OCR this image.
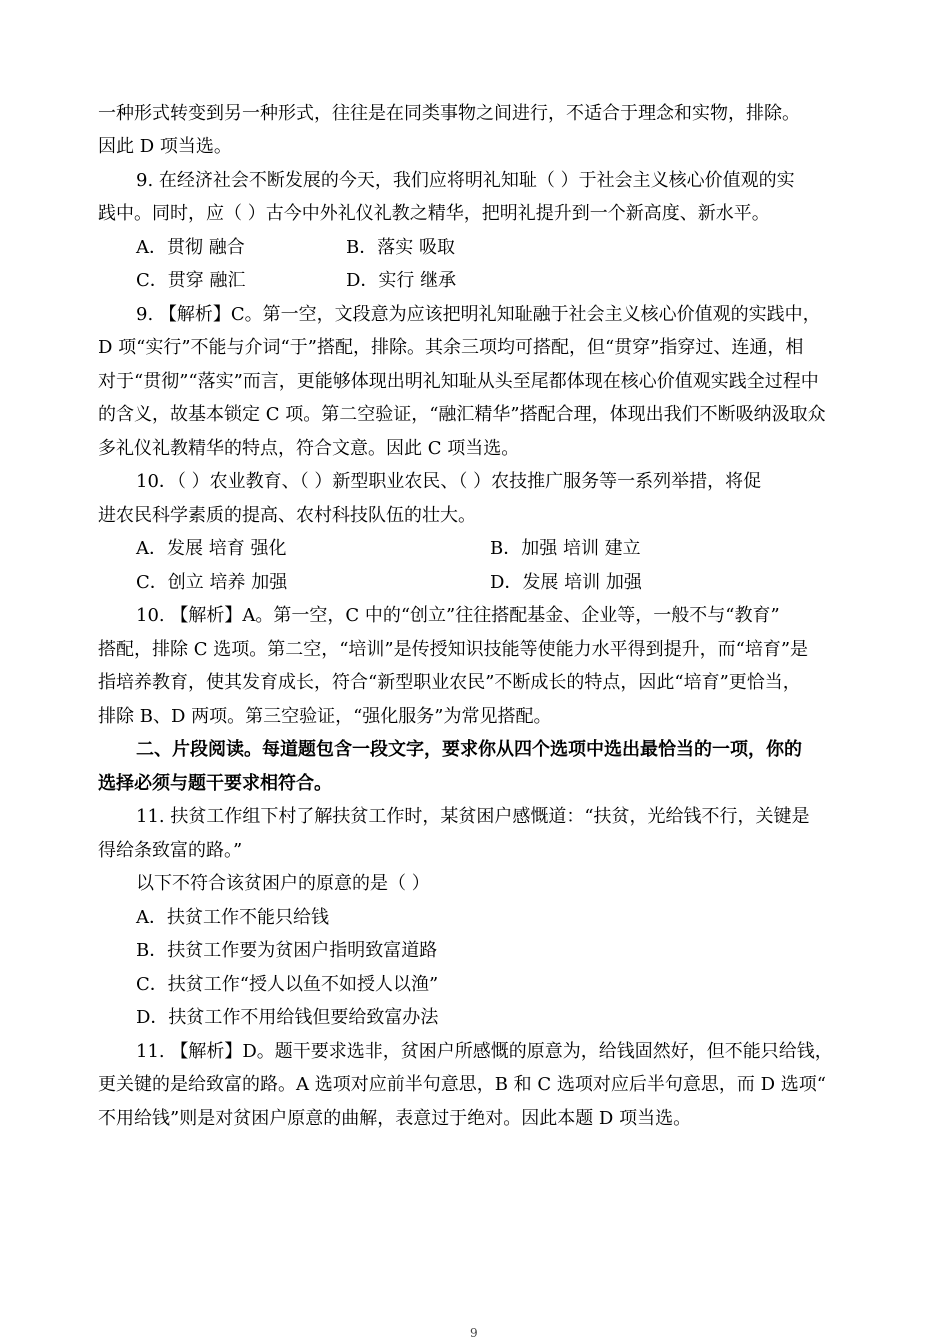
一种形式转变到另一种形式，往往是在同类事物之间进行，不适合于理念和实物，排除。
因此 D 项当选。
9. 在经济社会不断发展的今天，我们应将明礼知耻（ ）于社会主义核心价值观的实
践中。同时，应（ ）古今中外礼仪礼教之精华，把明礼提升到一个新高度、新水平。
A．贯彻 融合	B．落实 吸取
C．贯穿 融汇	D．实行 继承
9. 【解析】C。第一空，文段意为应该把明礼知耻融于社会主义核心价值观的实践中，
D 项“实行”不能与介词“于”搭配，排除。其余三项均可搭配，但“贯穿”指穿过、连通，相
对于“贯彻”“落实”而言，更能够体现出明礼知耻从头至尾都体现在核心价值观实践全过程中
的含义，故基本锁定 C 项。第二空验证，“融汇精华”搭配合理，体现出我们不断吸纳汲取众
多礼仪礼教精华的特点，符合文意。因此 C 项当选。
10．（ ）农业教育、（ ）新型职业农民、（ ）农技推广服务等一系列举措，将促
进农民科学素质的提高、农村科技队伍的壮大。
A．发展 培育 强化	B．加强 培训 建立
C．创立 培养 加强	D．发展 培训 加强
10. 【解析】A。第一空，C 中的“创立”往往搭配基金、企业等，一般不与“教育”
搭配，排除 C 选项。第二空，“培训”是传授知识技能等使能力水平得到提升，而“培育”是
指培养教育，使其发育成长，符合“新型职业农民”不断成长的特点，因此“培育”更恰当，
排除 B、D 两项。第三空验证，“强化服务”为常见搭配。
二、片段阅读。每道题包含一段文字，要求你从四个选项中选出最恰当的一项，你的
选择必须与题干要求相符合。
11. 扶贫工作组下村了解扶贫工作时，某贫困户感慨道：“扶贫，光给钱不行，关键是
得给条致富的路。”
以下不符合该贫困户的原意的是（ ）
A．扶贫工作不能只给钱
B．扶贫工作要为贫困户指明致富道路
C．扶贫工作“授人以鱼不如授人以渔”
D．扶贫工作不用给钱但要给致富办法
11. 【解析】D。题干要求选非，贫困户所感慨的原意为，给钱固然好，但不能只给钱，
更关键的是给致富的路。A 选项对应前半句意思，B 和 C 选项对应后半句意思，而 D 选项“
不用给钱”则是对贫困户原意的曲解，表意过于绝对。因此本题 D 项当选。
9
